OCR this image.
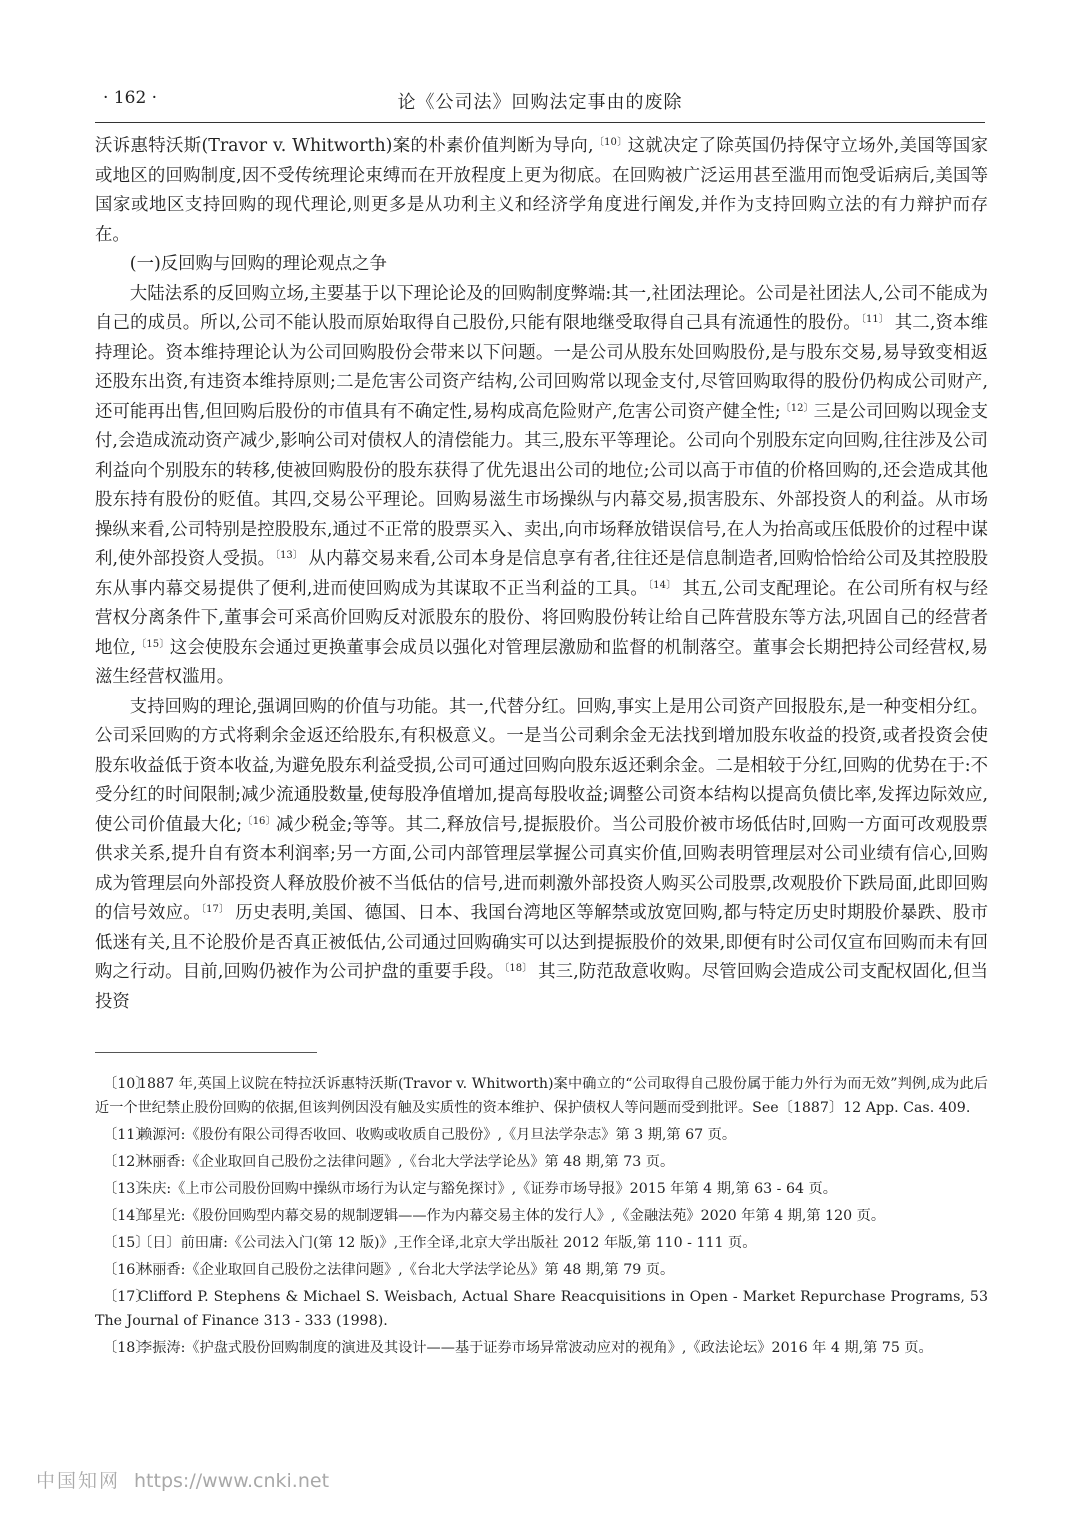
· 162 ·	论《公司法》回购法定事由的废除

沃诉惠特沃斯(Travor v. Whitworth)案的朴素价值判断为导向,$^{〔10〕}$这就决定了除英国仍持保守立场外,美国等国家或地区的回购制度,因不受传统理论束缚而在开放程度上更为彻底。在回购被广泛运用甚至滥用而饱受诟病后,美国等国家或地区支持回购的现代理论,则更多是从功利主义和经济学角度进行阐发,并作为支持回购立法的有力辩护而存在。

(一)反回购与回购的理论观点之争

大陆法系的反回购立场,主要基于以下理论论及的回购制度弊端:其一,社团法理论。公司是社团法人,公司不能成为自己的成员。所以,公司不能认股而原始取得自己股份,只能有限地继受取得自己具有流通性的股份。$^{〔11〕}$ 其二,资本维持理论。资本维持理论认为公司回购股份会带来以下问题。一是公司从股东处回购股份,是与股东交易,易导致变相返还股东出资,有违资本维持原则;二是危害公司资产结构,公司回购常以现金支付,尽管回购取得的股份仍构成公司财产,还可能再出售,但回购后股份的市值具有不确定性,易构成高危险财产,危害公司资产健全性;$^{〔12〕}$三是公司回购以现金支付,会造成流动资产减少,影响公司对债权人的清偿能力。其三,股东平等理论。公司向个别股东定向回购,往往涉及公司利益向个别股东的转移,使被回购股份的股东获得了优先退出公司的地位;公司以高于市值的价格回购的,还会造成其他股东持有股份的贬值。其四,交易公平理论。回购易滋生市场操纵与内幕交易,损害股东、外部投资人的利益。从市场操纵来看,公司特别是控股股东,通过不正常的股票买入、卖出,向市场释放错误信号,在人为抬高或压低股价的过程中谋利,使外部投资人受损。$^{〔13〕}$ 从内幕交易来看,公司本身是信息享有者,往往还是信息制造者,回购恰恰给公司及其控股股东从事内幕交易提供了便利,进而使回购成为其谋取不正当利益的工具。$^{〔14〕}$ 其五,公司支配理论。在公司所有权与经营权分离条件下,董事会可采高价回购反对派股东的股份、将回购股份转让给自己阵营股东等方法,巩固自己的经营者地位,$^{〔15〕}$这会使股东会通过更换董事会成员以强化对管理层激励和监督的机制落空。董事会长期把持公司经营权,易滋生经营权滥用。

支持回购的理论,强调回购的价值与功能。其一,代替分红。回购,事实上是用公司资产回报股东,是一种变相分红。公司采回购的方式将剩余金返还给股东,有积极意义。一是当公司剩余金无法找到增加股东收益的投资,或者投资会使股东收益低于资本收益,为避免股东利益受损,公司可通过回购向股东返还剩余金。二是相较于分红,回购的优势在于:不受分红的时间限制;减少流通股数量,使每股净值增加,提高每股收益;调整公司资本结构以提高负债比率,发挥边际效应,使公司价值最大化;$^{〔16〕}$减少税金;等等。其二,释放信号,提振股价。当公司股价被市场低估时,回购一方面可改观股票供求关系,提升自有资本利润率;另一方面,公司内部管理层掌握公司真实价值,回购表明管理层对公司业绩有信心,回购成为管理层向外部投资人释放股价被不当低估的信号,进而刺激外部投资人购买公司股票,改观股价下跌局面,此即回购的信号效应。$^{〔17〕}$ 历史表明,美国、德国、日本、我国台湾地区等解禁或放宽回购,都与特定历史时期股价暴跌、股市低迷有关,且不论股价是否真正被低估,公司通过回购确实可以达到提振股价的效果,即便有时公司仅宣布回购而未有回购之行动。目前,回购仍被作为公司护盘的重要手段。$^{〔18〕}$ 其三,防范敌意收购。尽管回购会造成公司支配权固化,但当投资

〔10〕1887 年,英国上议院在特拉沃诉惠特沃斯(Travor v. Whitworth)案中确立的“公司取得自己股份属于能力外行为而无效”判例,成为此后近一个世纪禁止股份回购的依据,但该判例因没有触及实质性的资本维护、保护债权人等问题而受到批评。See〔1887〕12 App. Cas. 409.

〔11〕赖源河:《股份有限公司得否收回、收购或收质自己股份》,《月旦法学杂志》第 3 期,第 67 页。

〔12〕林丽香:《企业取回自己股份之法律问题》,《台北大学法学论丛》第 48 期,第 73 页。

〔13〕朱庆:《上市公司股份回购中操纵市场行为认定与豁免探讨》,《证券市场导报》2015 年第 4 期,第 63 - 64 页。

〔14〕邹星光:《股份回购型内幕交易的规制逻辑——作为内幕交易主体的发行人》,《金融法苑》2020 年第 4 期,第 120 页。

〔15〕〔日〕前田庸:《公司法入门(第 12 版)》,王作全译,北京大学出版社 2012 年版,第 110 - 111 页。

〔16〕林丽香:《企业取回自己股份之法律问题》,《台北大学法学论丛》第 48 期,第 79 页。

〔17〕Clifford P. Stephens & Michael S. Weisbach, Actual Share Reacquisitions in Open - Market Repurchase Programs, 53 The Journal of Finance 313 - 333 (1998).

〔18〕李振涛:《护盘式股份回购制度的演进及其设计——基于证券市场异常波动应对的视角》,《政法论坛》2016 年 4 期,第 75 页。

中国知网 https://www.cnki.net
